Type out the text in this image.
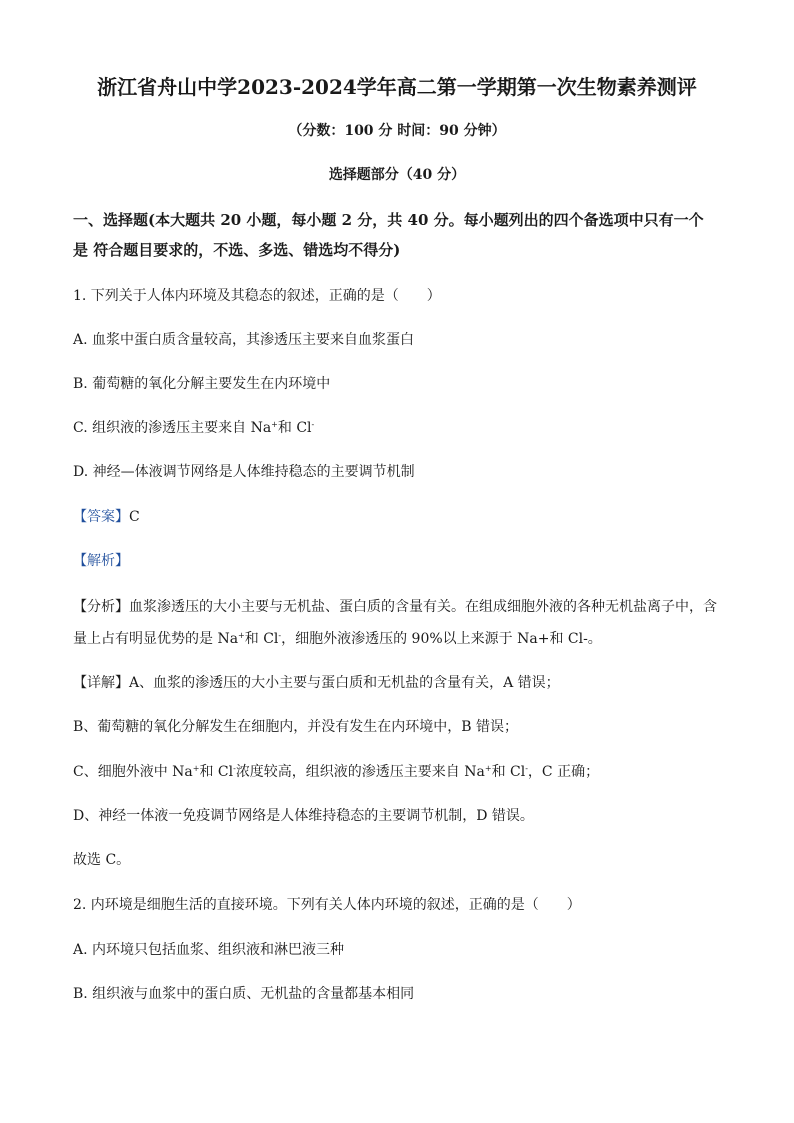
浙江省舟山中学2023-2024学年高二第一学期第一次生物素养测评
（分数：100 分 时间：90 分钟）
选择题部分（40 分）
一、选择题(本大题共 20 小题，每小题 2 分，共 40 分。每小题列出的四个备选项中只有一个
是 符合题目要求的，不选、多选、错选均不得分)
1. 下列关于人体内环境及其稳态的叙述，正确的是（　　）
A. 血浆中蛋白质含量较高，其渗透压主要来自血浆蛋白
B. 葡萄糖的氧化分解主要发生在内环境中
C. 组织液的渗透压主要来自 Na+和 Cl-
D. 神经—体液调节网络是人体维持稳态的主要调节机制
【答案】C
【解析】
【分析】血浆渗透压的大小主要与无机盐、蛋白质的含量有关。在组成细胞外液的各种无机盐离子中，含
量上占有明显优势的是 Na+和 Cl-，细胞外液渗透压的 90%以上来源于 Na+和 Cl-。
【详解】A、血浆的渗透压的大小主要与蛋白质和无机盐的含量有关，A 错误；
B、葡萄糖的氧化分解发生在细胞内，并没有发生在内环境中，B 错误；
C、细胞外液中 Na+和 Cl-浓度较高，组织液的渗透压主要来自 Na+和 Cl-，C 正确；
D、神经一体液一免疫调节网络是人体维持稳态的主要调节机制，D 错误。
故选 C。
2. 内环境是细胞生活的直接环境。下列有关人体内环境的叙述，正确的是（　　）
A. 内环境只包括血浆、组织液和淋巴液三种
B. 组织液与血浆中的蛋白质、无机盐的含量都基本相同
